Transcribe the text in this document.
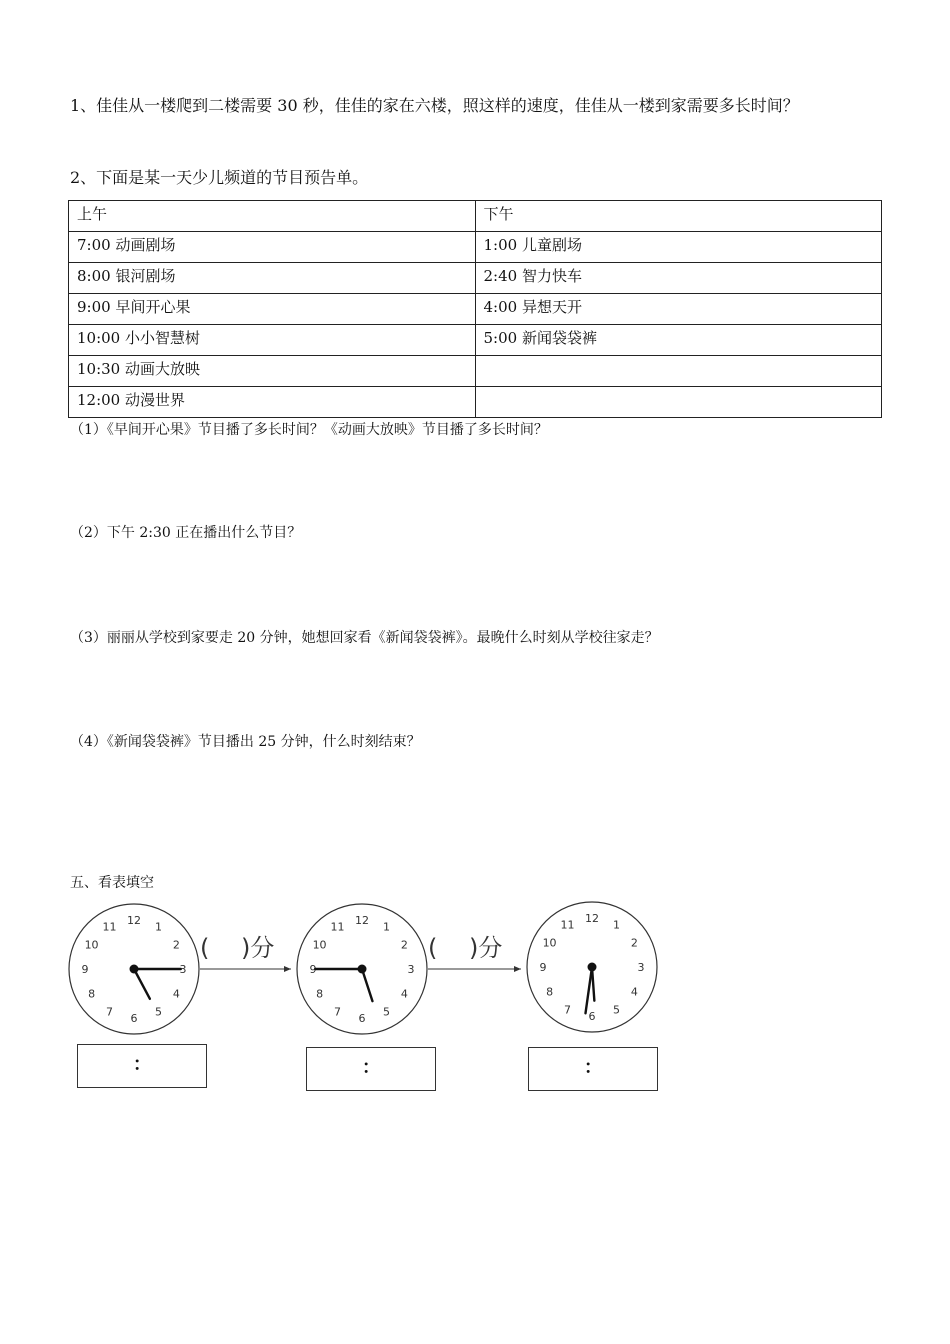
1、佳佳从一楼爬到二楼需要 30 秒，佳佳的家在六楼，照这样的速度，佳佳从一楼到家需要多长时间？
2、下面是某一天少儿频道的节目预告单。
上午	下午
7:00 动画剧场	1:00 儿童剧场
8:00 银河剧场	2:40 智力快车
9:00 早间开心果	4:00 异想天开
10:00 小小智慧树	5:00 新闻袋袋裤
10:30 动画大放映	
12:00 动漫世界	
（1）《早间开心果》节目播了多长时间？《动画大放映》节目播了多长时间？
（2）下午 2:30 正在播出什么节目？
（3）丽丽从学校到家要走 20 分钟，她想回家看《新闻袋袋裤》。最晚什么时刻从学校往家走？
（4）《新闻袋袋裤》节目播出 25 分钟，什么时刻结束？
五、看表填空
12
1
2
3
4
5
6
7
8
9
10
11
12
1
2
3
4
5
6
7
8
9
10
11
12
1
2
3
4
5
6
7
8
9
10
11
(　 )分	(　 )分
：	：	：
